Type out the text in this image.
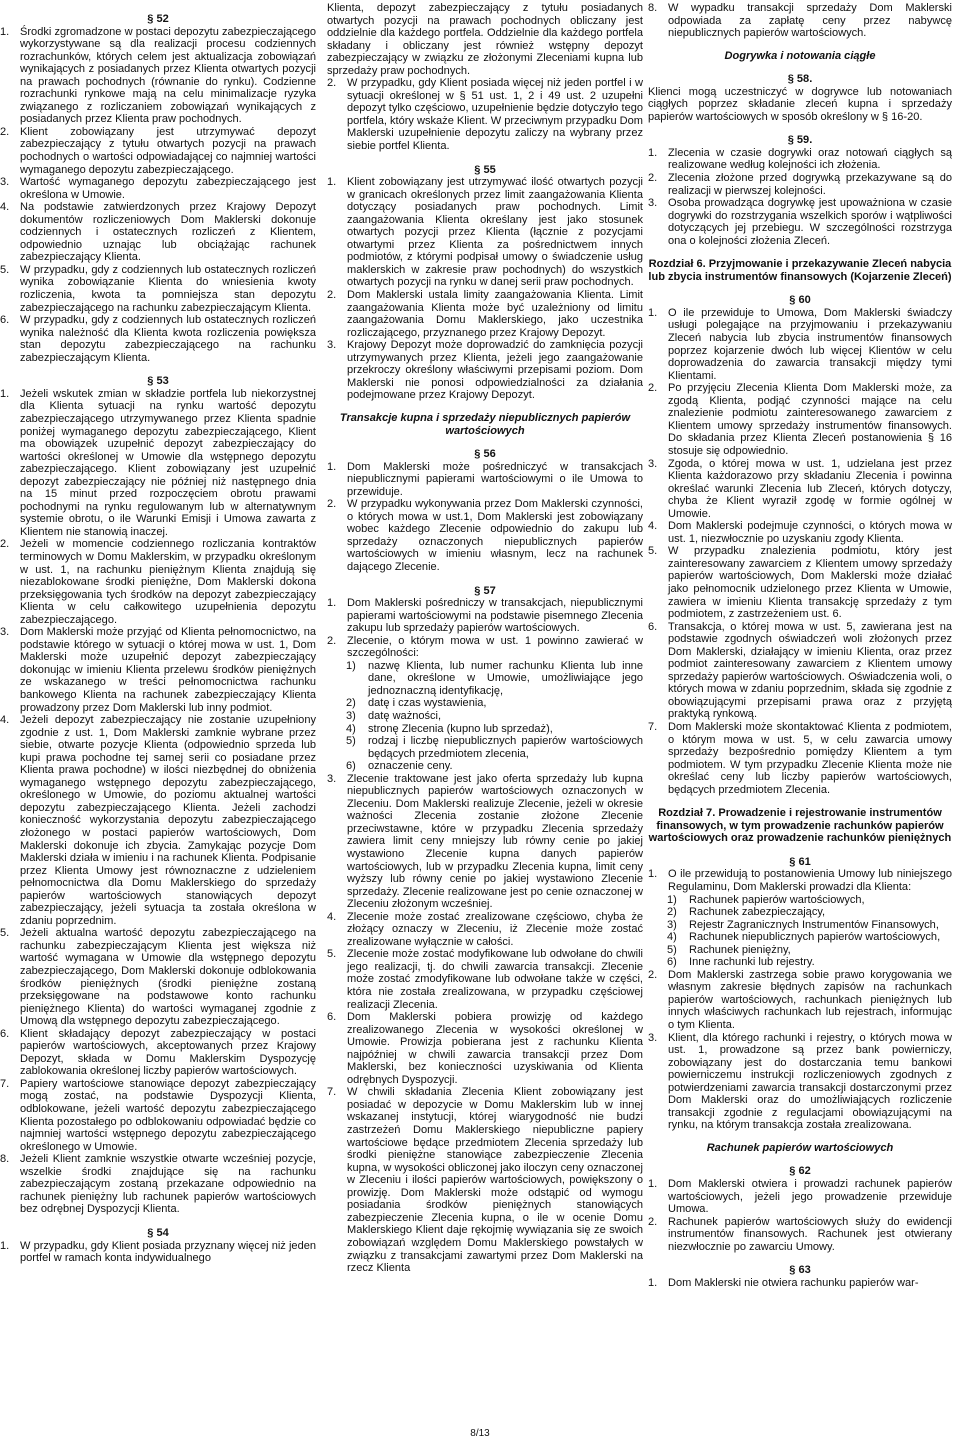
§ 52

1. Środki zgromadzone w postaci depozytu zabezpieczającego wykorzystywane są dla realizacji procesu codziennych rozrachunków, których celem jest aktualizacja zobowiązań wynikających z posiadanych przez Klienta otwartych pozycji na prawach pochodnych (równanie do rynku). Codzienne rozrachunki rynkowe mają na celu minimalizacje ryzyka związanego z rozliczaniem zobowiązań wynikających z posiadanych przez Klienta praw pochodnych.

2. Klient zobowiązany jest utrzymywać depozyt zabezpieczający z tytułu otwartych pozycji na prawach pochodnych o wartości odpowiadającej co najmniej wartości wymaganego depozytu zabezpieczającego.

3. Wartość wymaganego depozytu zabezpieczającego jest określona w Umowie.

4. Na podstawie zatwierdzonych przez Krajowy Depozyt dokumentów rozliczeniowych Dom Maklerski dokonuje codziennych i ostatecznych rozliczeń z Klientem, odpowiednio uznając lub obciążając rachunek zabezpieczający Klienta.

5. W przypadku, gdy z codziennych lub ostatecznych rozliczeń wynika zobowiązanie Klienta do wniesienia kwoty rozliczenia, kwota ta pomniejsza stan depozytu zabezpieczającego na rachunku zabezpieczającym Klienta.

6. W przypadku, gdy z codziennych lub ostatecznych rozliczeń wynika należność dla Klienta kwota rozliczenia powiększa stan depozytu zabezpieczającego na rachunku zabezpieczającym Klienta.

§ 53

1. Jeżeli wskutek zmian w składzie portfela lub niekorzystnej dla Klienta sytuacji na rynku wartość depozytu zabezpieczającego utrzymywanego przez Klienta spadnie poniżej wymaganego depozytu zabezpieczającego, Klient ma obowiązek uzupełnić depozyt zabezpieczający do wartości określonej w Umowie dla wstępnego depozytu zabezpieczającego. Klient zobowiązany jest uzupełnić depozyt zabezpieczający nie później niż następnego dnia na 15 minut przed rozpoczęciem obrotu prawami pochodnymi na rynku regulowanym lub w alternatywnym systemie obrotu, o ile Warunki Emisji i Umowa zawarta z Klientem nie stanowią inaczej.

2. Jeżeli w momencie codziennego rozliczania kontraktów terminowych w Domu Maklerskim, w przypadku określonym w ust. 1, na rachunku pieniężnym Klienta znajdują się niezablokowane środki pieniężne, Dom Maklerski dokona przeksięgowania tych środków na depozyt zabezpieczający Klienta w celu całkowitego uzupełnienia depozytu zabezpieczającego.

3. Dom Maklerski może przyjąć od Klienta pełnomocnictwo, na podstawie którego w sytuacji o której mowa w ust. 1, Dom Maklerski może uzupełnić depozyt zabezpieczający dokonując w imieniu Klienta przelewu środków pieniężnych ze wskazanego w treści pełnomocnictwa rachunku bankowego Klienta na rachunek zabezpieczający Klienta prowadzony przez Dom Maklerski lub inny podmiot.

4. Jeżeli depozyt zabezpieczający nie zostanie uzupełniony zgodnie z ust. 1, Dom Maklerski zamknie wybrane przez siebie, otwarte pozycje Klienta (odpowiednio sprzeda lub kupi prawa pochodne tej samej serii co posiadane przez Klienta prawa pochodne) w ilości niezbędnej do obniżenia wymaganego wstępnego depozytu zabezpieczającego, określonego w Umowie, do poziomu aktualnej wartości depozytu zabezpieczającego Klienta. Jeżeli zachodzi konieczność wykorzystania depozytu zabezpieczającego złożonego w postaci papierów wartościowych, Dom Maklerski dokonuje ich zbycia. Zamykając pozycje Dom Maklerski działa w imieniu i na rachunek Klienta. Podpisanie przez Klienta Umowy jest równoznaczne z udzieleniem pełnomocnictwa dla Domu Maklerskiego do sprzedaży papierów wartościowych stanowiących depozyt zabezpieczający, jeżeli sytuacja ta została określona w zdaniu poprzednim.

5. Jeżeli aktualna wartość depozytu zabezpieczającego na rachunku zabezpieczającym Klienta jest większa niż wartość wymagana w Umowie dla wstępnego depozytu zabezpieczającego, Dom Maklerski dokonuje odblokowania środków pieniężnych (środki pieniężne zostaną przeksięgowane na podstawowe konto rachunku pieniężnego Klienta) do wartości wymaganej zgodnie z Umową dla wstępnego depozytu zabezpieczającego.

6. Klient składający depozyt zabezpieczający w postaci papierów wartościowych, akceptowanych przez Krajowy Depozyt, składa w Domu Maklerskim Dyspozycję zablokowania określonej liczby papierów wartościowych.

7. Papiery wartościowe stanowiące depozyt zabezpieczający mogą zostać, na podstawie Dyspozycji Klienta, odblokowane, jeżeli wartość depozytu zabezpieczającego Klienta pozostałego po odblokowaniu odpowiadać będzie co najmniej wartości wstępnego depozytu zabezpieczającego określonego w Umowie.

8. Jeżeli Klient zamknie wszystkie otwarte wcześniej pozycje, wszelkie środki znajdujące się na rachunku zabezpieczającym zostaną przekazane odpowiednio na rachunek pieniężny lub rachunek papierów wartościowych bez odrębnej Dyspozycji Klienta.

§ 54

1. W przypadku, gdy Klient posiada przyznany więcej niż jeden portfel w ramach konta indywidualnego

Klienta, depozyt zabezpieczający z tytułu posiadanych otwartych pozycji na prawach pochodnych obliczany jest oddzielnie dla każdego portfela. Oddzielnie dla każdego portfela składany i obliczany jest również wstępny depozyt zabezpieczający w związku ze złożonymi Zleceniami kupna lub sprzedaży praw pochodnych.

2. W przypadku, gdy Klient posiada więcej niż jeden portfel i w sytuacji określonej w § 51 ust. 1, 2 i 49 ust. 2 uzupełni depozyt tylko częściowo, uzupełnienie będzie dotyczyło tego portfela, który wskaże Klient. W przeciwnym przypadku Dom Maklerski uzupełnienie depozytu zaliczy na wybrany przez siebie portfel Klienta.

§ 55

1. Klient zobowiązany jest utrzymywać ilość otwartych pozycji w granicach określonych przez limit zaangażowania Klienta dotyczący posiadanych praw pochodnych. Limit zaangażowania Klienta określany jest jako stosunek otwartych pozycji przez Klienta (łącznie z pozycjami otwartymi przez Klienta za pośrednictwem innych podmiotów, z którymi podpisał umowy o świadczenie usług maklerskich w zakresie praw pochodnych) do wszystkich otwartych pozycji na rynku w danej serii praw pochodnych.

2. Dom Maklerski ustala limity zaangażowania Klienta. Limit zaangażowania Klienta może być uzależniony od limitu zaangażowania Domu Maklerskiego, jako uczestnika rozliczającego, przyznanego przez Krajowy Depozyt.

3. Krajowy Depozyt może doprowadzić do zamknięcia pozycji utrzymywanych przez Klienta, jeżeli jego zaangażowanie przekroczy określony właściwymi przepisami poziom. Dom Maklerski nie ponosi odpowiedzialności za działania podejmowane przez Krajowy Depozyt.

Transakcje kupna i sprzedaży niepublicznych papierów wartościowych

§ 56

1. Dom Maklerski może pośredniczyć w transakcjach niepublicznymi papierami wartościowymi o ile Umowa to przewiduje.

2. W przypadku wykonywania przez Dom Maklerski czynności, o których mowa w ust.1, Dom Maklerski jest zobowiązany wobec każdego Zlecenie odpowiednio do zakupu lub sprzedaży oznaczonych niepublicznych papierów wartościowych w imieniu własnym, lecz na rachunek dającego Zlecenie.

§ 57

1. Dom Maklerski pośredniczy w transakcjach, niepublicznymi papierami wartościowymi na podstawie pisemnego Zlecenia zakupu lub sprzedaży papierów wartościowych.

2. Zlecenie, o którym mowa w ust. 1 powinno zawierać w szczególności:

1)	nazwę Klienta, lub numer rachunku Klienta lub inne dane, określone w Umowie, umożliwiające jego jednoznaczną identyfikację,

2)	datę i czas wystawienia,

3)	datę ważności,

4)	stronę Zlecenia (kupno lub sprzedaż),

5)	rodzaj i liczbę niepublicznych papierów wartościowych będących przedmiotem zlecenia,

6)	oznaczenie ceny.

3. Zlecenie traktowane jest jako oferta sprzedaży lub kupna niepublicznych papierów wartościowych oznaczonych w Zleceniu. Dom Maklerski realizuje Zlecenie, jeżeli w okresie ważności Zlecenia zostanie złożone Zlecenie przeciwstawne, które w przypadku Zlecenia sprzedaży zawiera limit ceny mniejszy lub równy cenie po jakiej wystawiono Zlecenie kupna danych papierów wartościowych, lub w przypadku Zlecenia kupna, limit ceny wyższy lub równy cenie po jakiej wystawiono Zlecenie sprzedaży. Zlecenie realizowane jest po cenie oznaczonej w Zleceniu złożonym wcześniej.

4. Zlecenie może zostać zrealizowane częściowo, chyba że złożący oznaczy w Zleceniu, iż Zlecenie może zostać zrealizowane wyłącznie w całości.

5. Zlecenie może zostać modyfikowane lub odwołane do chwili jego realizacji, tj. do chwili zawarcia transakcji. Zlecenie może zostać zmodyfikowane lub odwołane także w części, która nie została zrealizowana, w przypadku częściowej realizacji Zlecenia.

6. Dom Maklerski pobiera prowizję od każdego zrealizowanego Zlecenia w wysokości określonej w Umowie. Prowizja pobierana jest z rachunku Klienta najpóźniej w chwili zawarcia transakcji przez Dom Maklerski, bez konieczności uzyskiwania od Klienta odrębnych Dyspozycji.

7. W chwili składania Zlecenia Klient zobowiązany jest posiadać w depozycie w Domu Maklerskim lub w innej wskazanej instytucji, której wiarygodność nie budzi zastrzeżeń Domu Maklerskiego niepubliczne papiery wartościowe będące przedmiotem Zlecenia sprzedaży lub środki pieniężne stanowiące zabezpieczenie Zlecenia kupna, w wysokości obliczonej jako iloczyn ceny oznaczonej w Zleceniu i ilości papierów wartościowych, powiększony o prowizję. Dom Maklerski może odstąpić od wymogu posiadania środków pieniężnych stanowiących zabezpieczenie Zlecenia kupna, o ile w ocenie Domu Maklerskiego Klient daje rękojmię wywiązania się ze swoich zobowiązań względem Domu Maklerskiego powstałych w związku z transakcjami zawartymi przez Dom Maklerski na rzecz Klienta

8. W wypadku transakcji sprzedaży Dom Maklerski odpowiada za zapłatę ceny przez nabywcę niepublicznych papierów wartościowych.

Dogrywka i notowania ciągłe

§ 58.

Klienci mogą uczestniczyć w dogrywce lub notowaniach ciągłych poprzez składanie zleceń kupna i sprzedaży papierów wartościowych w sposób określony w § 16-20.

§ 59.

1. Zlecenia w czasie dogrywki oraz notowań ciągłych są realizowane według kolejności ich złożenia.

2. Zlecenia złożone przed dogrywką przekazywane są do realizacji w pierwszej kolejności.

3. Osoba prowadząca dogrywkę jest upoważniona w czasie dogrywki do rozstrzygania wszelkich sporów i wątpliwości dotyczących jej przebiegu. W szczególności rozstrzyga ona o kolejności złożenia Zleceń.

Rozdział 6. Przyjmowanie i przekazywanie Zleceń nabycia lub zbycia instrumentów finansowych (Kojarzenie Zleceń)

§ 60

1. O ile przewiduje to Umowa, Dom Maklerski świadczy usługi polegające na przyjmowaniu i przekazywaniu Zleceń nabycia lub zbycia instrumentów finansowych poprzez kojarzenie dwóch lub więcej Klientów w celu doprowadzenia do zawarcia transakcji między tymi Klientami.

2. Po przyjęciu Zlecenia Klienta Dom Maklerski może, za zgodą Klienta, podjąć czynności mające na celu znalezienie podmiotu zainteresowanego zawarciem z Klientem umowy sprzedaży instrumentów finansowych. Do składania przez Klienta Zleceń postanowienia § 16 stosuje się odpowiednio.

3. Zgoda, o której mowa w ust. 1, udzielana jest przez Klienta każdorazowo przy składaniu Zlecenia i powinna określać warunki Zlecenia lub Zleceń, których dotyczy, chyba że Klient wyraził zgodę w formie ogólnej w Umowie.

4. Dom Maklerski podejmuje czynności, o których mowa w ust. 1, niezwłocznie po uzyskaniu zgody Klienta.

5. W przypadku znalezienia podmiotu, który jest zainteresowany zawarciem z Klientem umowy sprzedaży papierów wartościowych, Dom Maklerski może działać jako pełnomocnik udzielonego przez Klienta w Umowie, zawiera w imieniu Klienta transakcję sprzedaży z tym podmiotem, z zastrzeżeniem ust. 6.

6. Transakcja, o której mowa w ust. 5, zawierana jest na podstawie zgodnych oświadczeń woli złożonych przez Dom Maklerski, działający w imieniu Klienta, oraz przez podmiot zainteresowany zawarciem z Klientem umowy sprzedaży papierów wartościowych. Oświadczenia woli, o których mowa w zdaniu poprzednim, składa się zgodnie z obowiązującymi przepisami prawa oraz z przyjętą praktyką rynkową.

7. Dom Maklerski może skontaktować Klienta z podmiotem, o którym mowa w ust. 5, w celu zawarcia umowy sprzedaży bezpośrednio pomiędzy Klientem a tym podmiotem. W tym przypadku Zlecenie Klienta może nie określać ceny lub liczby papierów wartościowych, będących przedmiotem Zlecenia.

Rozdział 7. Prowadzenie i rejestrowanie instrumentów finansowych, w tym prowadzenie rachunków papierów wartościowych oraz prowadzenie rachunków pieniężnych

§ 61

1. O ile przewidują to postanowienia Umowy lub niniejszego Regulaminu, Dom Maklerski prowadzi dla Klienta:

1)	Rachunek papierów wartościowych,

2)	Rachunek zabezpieczający,

3)	Rejestr Zagranicznych Instrumentów Finansowych,

4)	Rachunek niepublicznych papierów wartościowych,

5)	Rachunek pieniężny,

6)	Inne rachunki lub rejestry.

2. Dom Maklerski zastrzega sobie prawo korygowania we własnym zakresie błędnych zapisów na rachunkach papierów wartościowych, rachunkach pieniężnych lub innych właściwych rachunkach lub rejestrach, informując o tym Klienta.

3. Klient, dla którego rachunki i rejestry, o których mowa w ust. 1, prowadzone są przez bank powierniczy, zobowiązany jest do dostarczania temu bankowi powierniczemu instrukcji rozliczeniowych zgodnych z potwierdzeniami zawarcia transakcji dostarczonymi przez Dom Maklerski oraz do umożliwiających rozliczenie transakcji zgodnie z regulacjami obowiązującymi na rynku, na którym transakcja została zrealizowana.

Rachunek papierów wartościowych

§ 62

1. Dom Maklerski otwiera i prowadzi rachunek papierów wartościowych, jeżeli jego prowadzenie przewiduje Umowa.

2. Rachunek papierów wartościowych służy do ewidencji instrumentów finansowych. Rachunek jest otwierany niezwłocznie po zawarciu Umowy.

§ 63

1. Dom Maklerski nie otwiera rachunku papierów war-

8/13
